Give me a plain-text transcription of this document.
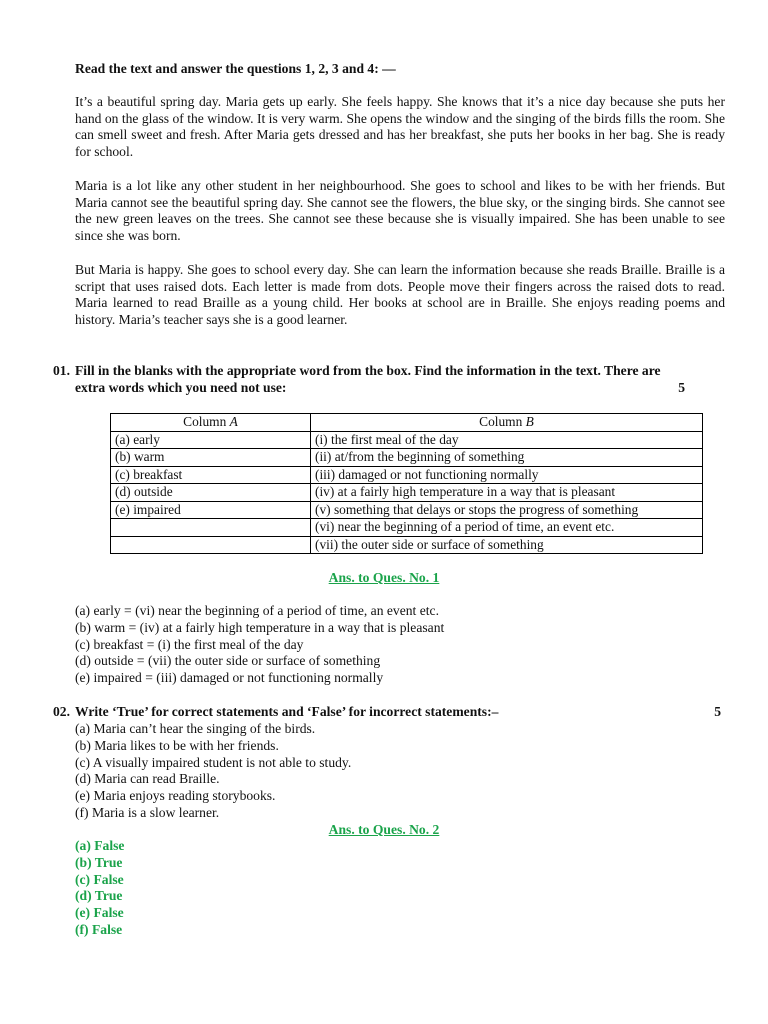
Read the text and answer the questions 1, 2, 3 and 4: —

It’s a beautiful spring day. Maria gets up early. She feels happy. She knows that it’s a nice day because she puts her hand on the glass of the window. It is very warm. She opens the window and the singing of the birds fills the room. She can smell sweet and fresh. After Maria gets dressed and has her breakfast, she puts her books in her bag. She is ready for school.

Maria is a lot like any other student in her neighbourhood. She goes to school and likes to be with her friends. But Maria cannot see the beautiful spring day. She cannot see the flowers, the blue sky, or the singing birds. She cannot see the new green leaves on the trees. She cannot see these because she is visually impaired. She has been unable to see since she was born.

But Maria is happy. She goes to school every day. She can learn the information because she reads Braille. Braille is a script that uses raised dots. Each letter is made from dots. People move their fingers across the raised dots to read. Maria learned to read Braille as a young child. Her books at school are in Braille. She enjoys reading poems and history. Maria’s teacher says she is a good learner.

01. Fill in the blanks with the appropriate word from the box. Find the information in the text. There are extra words which you need not use:	5
Column A	Column B
(a) early	(i) the first meal of the day
(b) warm	(ii) at/from the beginning of something
(c) breakfast	(iii) damaged or not functioning normally
(d) outside	(iv) at a fairly high temperature in a way that is pleasant
(e) impaired	(v) something that delays or stops the progress of something
	(vi) near the beginning of a period of time, an event etc.
	(vii) the outer side or surface of something
Ans. to Ques. No. 1
(a) early = (vi) near the beginning of a period of time, an event etc.
(b) warm = (iv) at a fairly high temperature in a way that is pleasant
(c) breakfast = (i) the first meal of the day
(d) outside = (vii) the outer side or surface of something
(e) impaired = (iii) damaged or not functioning normally
02. Write ‘True’ for correct statements and ‘False’ for incorrect statements:–	5
(a) Maria can’t hear the singing of the birds.
(b) Maria likes to be with her friends.
(c) A visually impaired student is not able to study.
(d) Maria can read Braille.
(e) Maria enjoys reading storybooks.
(f) Maria is a slow learner.
Ans. to Ques. No. 2
(a) False
(b) True
(c) False
(d) True
(e) False
(f) False
